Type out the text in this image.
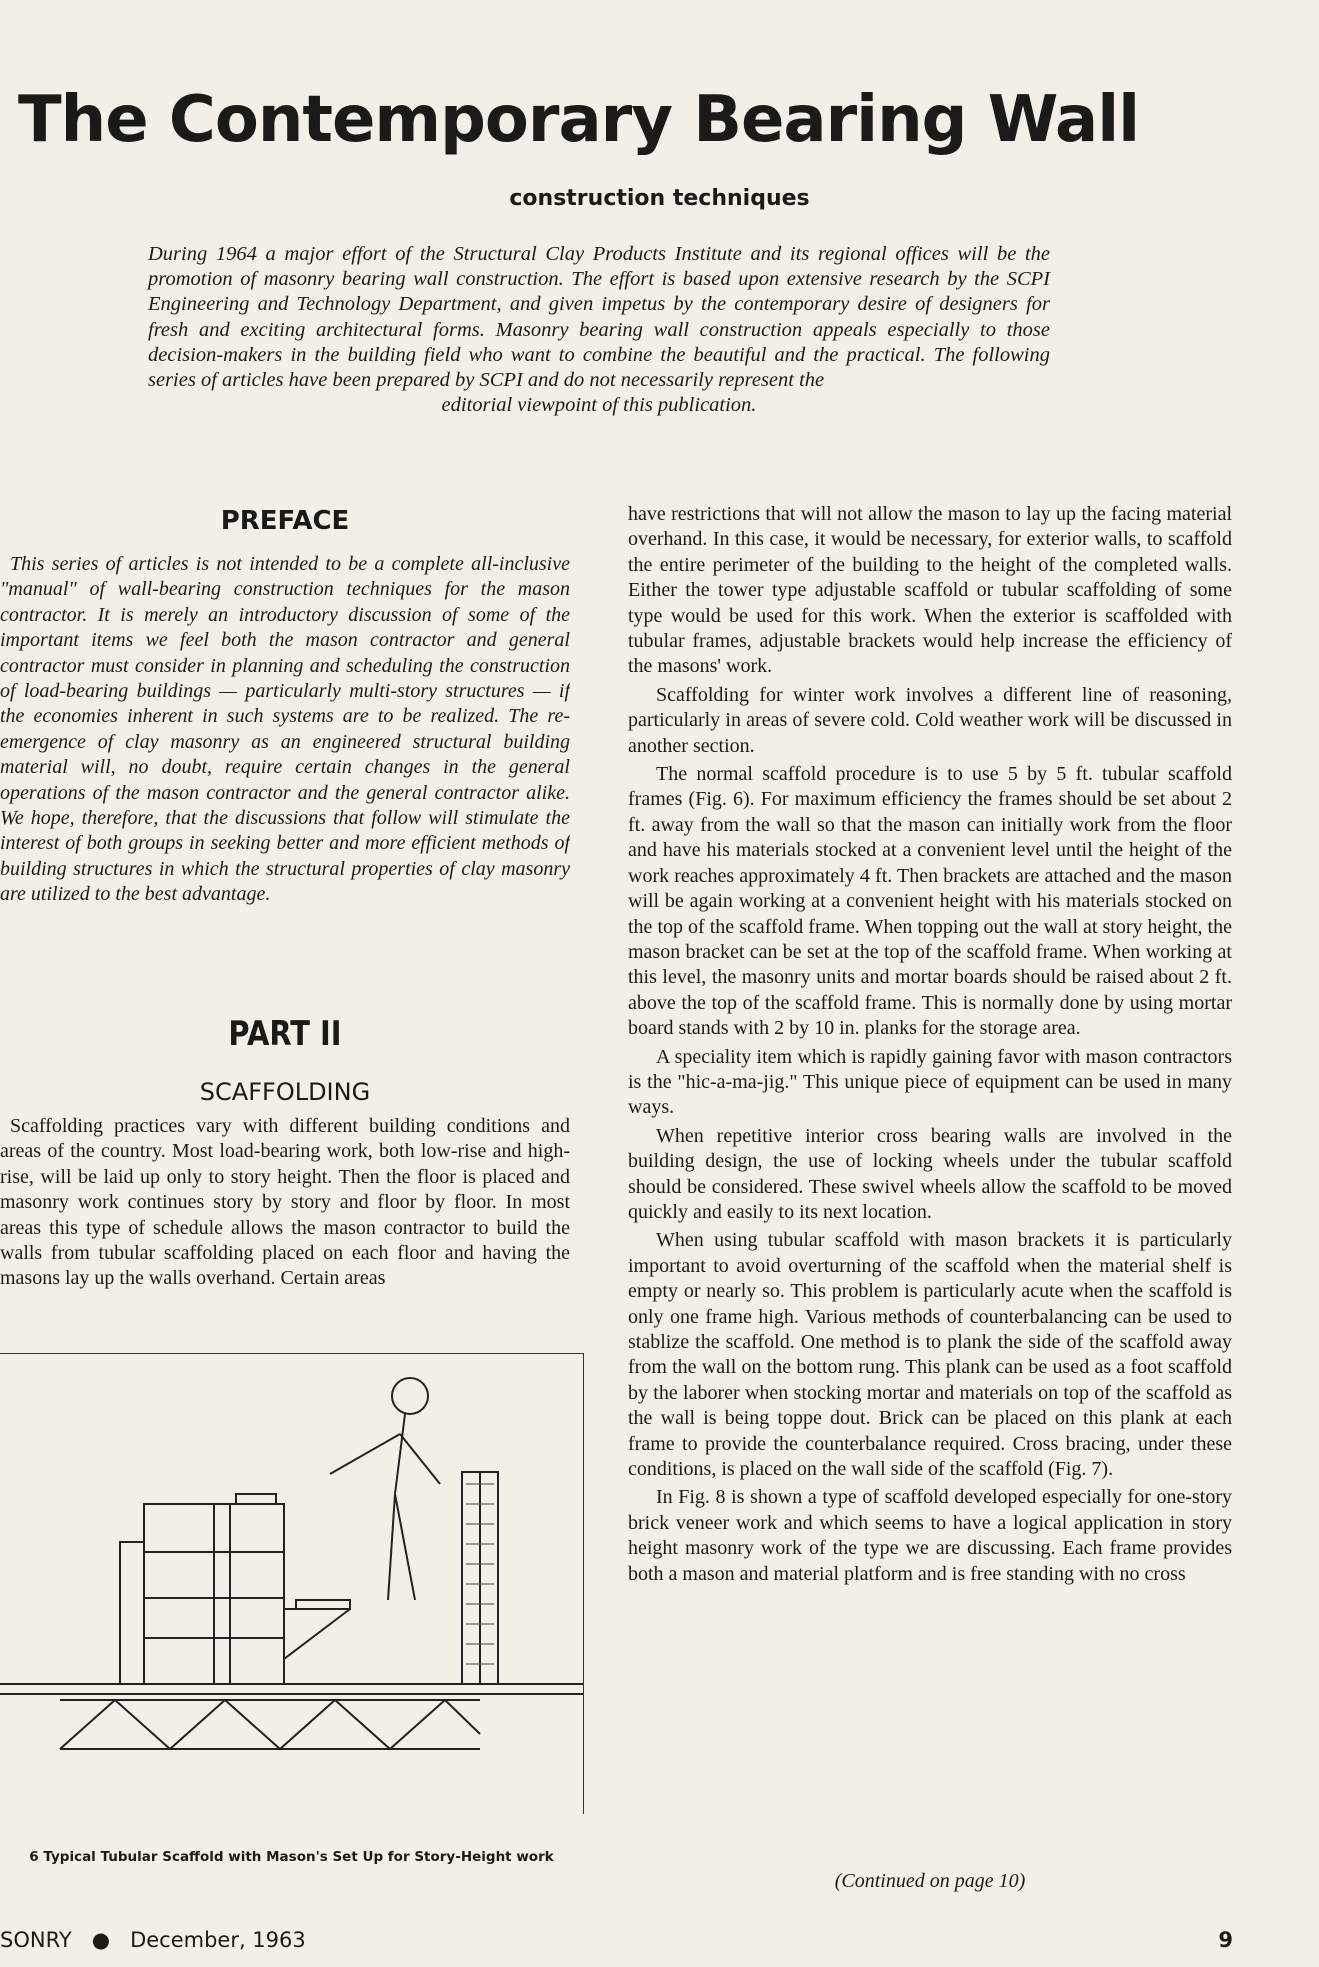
The Contemporary Bearing Wall
construction techniques

During 1964 a major effort of the Structural Clay Products Institute and its regional offices will be the promotion of masonry bearing wall construction. The effort is based upon extensive research by the SCPI Engineering and Technology Department, and given impetus by the contemporary desire of designers for fresh and exciting architectural forms. Masonry bearing wall construction appeals especially to those decision-makers in the building field who want to combine the beautiful and the practical. The following series of articles have been prepared by SCPI and do not necessarily represent the

editorial viewpoint of this publication.

PREFACE

This series of articles is not intended to be a complete all-inclusive "manual" of wall-bearing construction techniques for the mason contractor. It is merely an introductory discussion of some of the important items we feel both the mason contractor and general contractor must consider in planning and scheduling the construction of load-bearing buildings — particularly multi-story structures — if the economies inherent in such systems are to be realized. The re-emergence of clay masonry as an engineered structural building material will, no doubt, require certain changes in the general operations of the mason contractor and the general contractor alike. We hope, therefore, that the discussions that follow will stimulate the interest of both groups in seeking better and more efficient methods of building structures in which the structural properties of clay masonry are utilized to the best advantage.

PART II
SCAFFOLDING

Scaffolding practices vary with different building conditions and areas of the country. Most load-bearing work, both low-rise and high-rise, will be laid up only to story height. Then the floor is placed and masonry work continues story by story and floor by floor. In most areas this type of schedule allows the mason contractor to build the walls from tubular scaffolding placed on each floor and having the masons lay up the walls overhand. Certain areas

6 Typical Tubular Scaffold with Mason's Set Up for Story-Height work

have restrictions that will not allow the mason to lay up the facing material overhand. In this case, it would be necessary, for exterior walls, to scaffold the entire perimeter of the building to the height of the completed walls. Either the tower type adjustable scaffold or tubular scaffolding of some type would be used for this work. When the exterior is scaffolded with tubular frames, adjustable brackets would help increase the efficiency of the masons' work.

Scaffolding for winter work involves a different line of reasoning, particularly in areas of severe cold. Cold weather work will be discussed in another section.

The normal scaffold procedure is to use 5 by 5 ft. tubular scaffold frames (Fig. 6). For maximum efficiency the frames should be set about 2 ft. away from the wall so that the mason can initially work from the floor and have his materials stocked at a convenient level until the height of the work reaches approximately 4 ft. Then brackets are attached and the mason will be again working at a convenient height with his materials stocked on the top of the scaffold frame. When topping out the wall at story height, the mason bracket can be set at the top of the scaffold frame. When working at this level, the masonry units and mortar boards should be raised about 2 ft. above the top of the scaffold frame. This is normally done by using mortar board stands with 2 by 10 in. planks for the storage area.

A speciality item which is rapidly gaining favor with mason contractors is the "hic-a-ma-jig." This unique piece of equipment can be used in many ways.

When repetitive interior cross bearing walls are involved in the building design, the use of locking wheels under the tubular scaffold should be considered. These swivel wheels allow the scaffold to be moved quickly and easily to its next location.

When using tubular scaffold with mason brackets it is particularly important to avoid overturning of the scaffold when the material shelf is empty or nearly so. This problem is particularly acute when the scaffold is only one frame high. Various methods of counterbalancing can be used to stablize the scaffold. One method is to plank the side of the scaffold away from the wall on the bottom rung. This plank can be used as a foot scaffold by the laborer when stocking mortar and materials on top of the scaffold as the wall is being toppe dout. Brick can be placed on this plank at each frame to provide the counterbalance required. Cross bracing, under these conditions, is placed on the wall side of the scaffold (Fig. 7).

In Fig. 8 is shown a type of scaffold developed especially for one-story brick veneer work and which seems to have a logical application in story height masonry work of the type we are discussing. Each frame provides both a mason and material platform and is free standing with no cross

(Continued on page 10)
SONRY   ●   December, 1963	9
